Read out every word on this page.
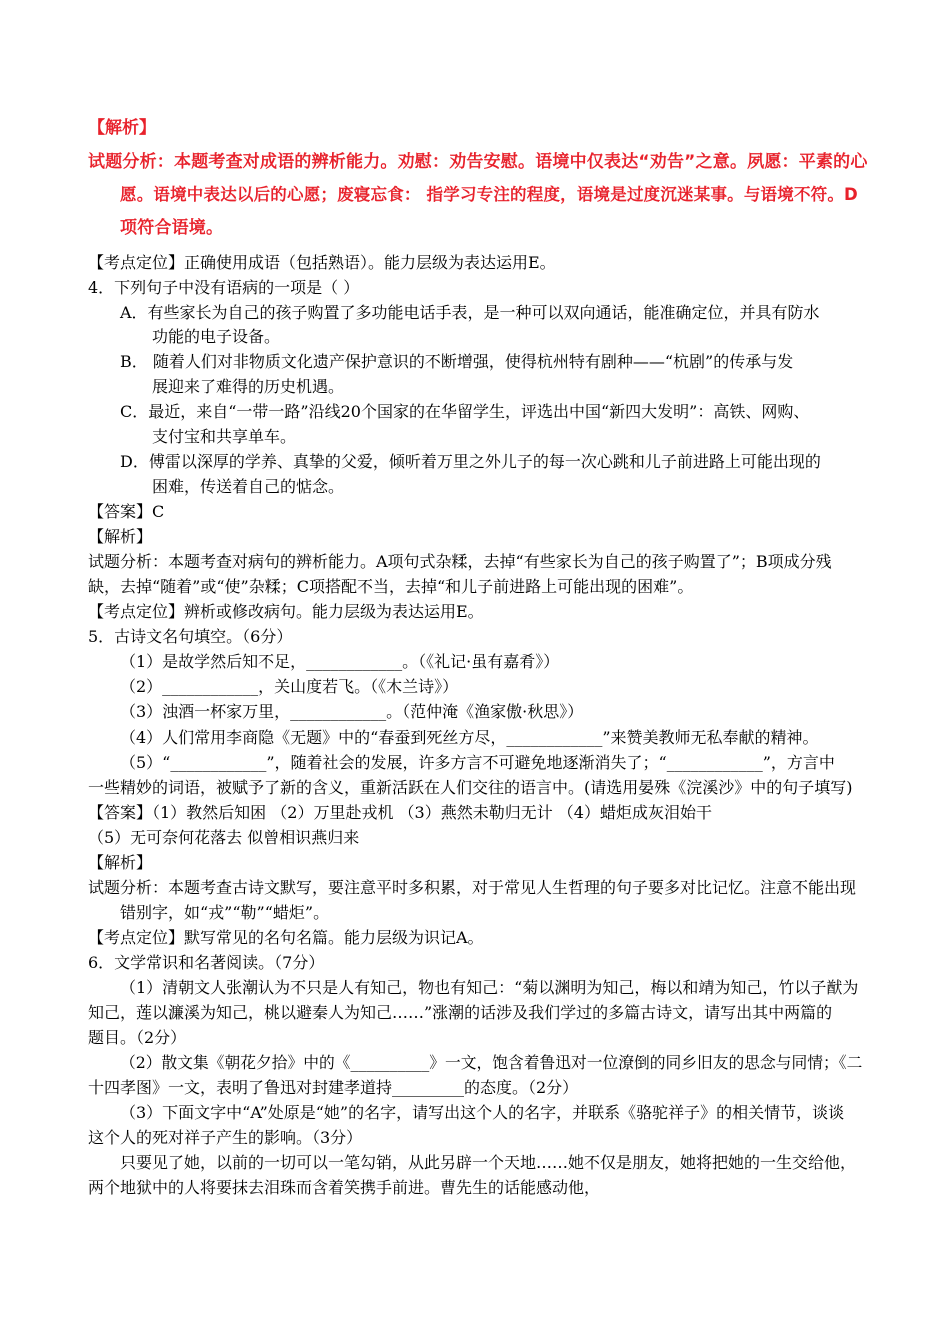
【解析】
试题分析：本题考查对成语的辨析能力。劝慰：劝告安慰。语境中仅表达“劝告”之意。夙愿：平素的心
愿。语境中表达以后的心愿；废寝忘食： 指学习专注的程度，语境是过度沉迷某事。与语境不符。D
项符合语境。
【考点定位】正确使用成语（包括熟语）。能力层级为表达运用E。
4．下列句子中没有语病的一项是（ ）
A．有些家长为自己的孩子购置了多功能电话手表，是一种可以双向通话，能准确定位，并具有防水
功能的电子设备。
B． 随着人们对非物质文化遗产保护意识的不断增强，使得杭州特有剧种——“杭剧”的传承与发
展迎来了难得的历史机遇。
C．最近，来自“一带一路”沿线20个国家的在华留学生，评选出中国“新四大发明”：高铁、网购、
支付宝和共享单车。
D．傅雷以深厚的学养、真挚的父爱，倾听着万里之外儿子的每一次心跳和儿子前进路上可能出现的
困难，传送着自己的惦念。
【答案】C
【解析】
试题分析：本题考查对病句的辨析能力。A项句式杂糅，去掉“有些家长为自己的孩子购置了”；B项成分残
缺，去掉“随着”或“使”杂糅；C项搭配不当，去掉“和儿子前进路上可能出现的困难”。
【考点定位】辨析或修改病句。能力层级为表达运用E。
5．古诗文名句填空。（6分）
（1）是故学然后知不足，____________。（《礼记·虽有嘉肴》）
（2）____________，关山度若飞。（《木兰诗》）
（3）浊酒一杯家万里，____________。（范仲淹《渔家傲·秋思》）
（4）人们常用李商隐《无题》中的“春蚕到死丝方尽，____________”来赞美教师无私奉献的精神。
（5）“____________”，随着社会的发展，许多方言不可避免地逐渐消失了；“____________”，方言中
一些精妙的词语，被赋予了新的含义，重新活跃在人们交往的语言中。(请选用晏殊《浣溪沙》中的句子填写)
【答案】（1）教然后知困 （2）万里赴戎机 （3）燕然未勒归无计 （4）蜡炬成灰泪始干
（5）无可奈何花落去 似曾相识燕归来
【解析】
试题分析：本题考查古诗文默写，要注意平时多积累，对于常见人生哲理的句子要多对比记忆。注意不能出现
错别字，如“戎”“勒”“蜡炬”。
【考点定位】默写常见的名句名篇。能力层级为识记A。
6．文学常识和名著阅读。（7分）
（1）清朝文人张潮认为不只是人有知己，物也有知己：“菊以渊明为知己，梅以和靖为知己，竹以子猷为
知己，莲以濂溪为知己，桃以避秦人为知己……”涨潮的话涉及我们学过的多篇古诗文，请写出其中两篇的
题目。（2分）
（2）散文集《朝花夕拾》中的《__________》一文，饱含着鲁迅对一位潦倒的同乡旧友的思念与同情；《二
十四孝图》一文，表明了鲁迅对封建孝道持_________的态度。（2分）
（3）下面文字中“A”处原是“她”的名字，请写出这个人的名字，并联系《骆驼祥子》的相关情节，谈谈
这个人的死对祥子产生的影响。（3分）
只要见了她，以前的一切可以一笔勾销，从此另辟一个天地……她不仅是朋友，她将把她的一生交给他，
两个地狱中的人将要抹去泪珠而含着笑携手前进。曹先生的话能感动他，
